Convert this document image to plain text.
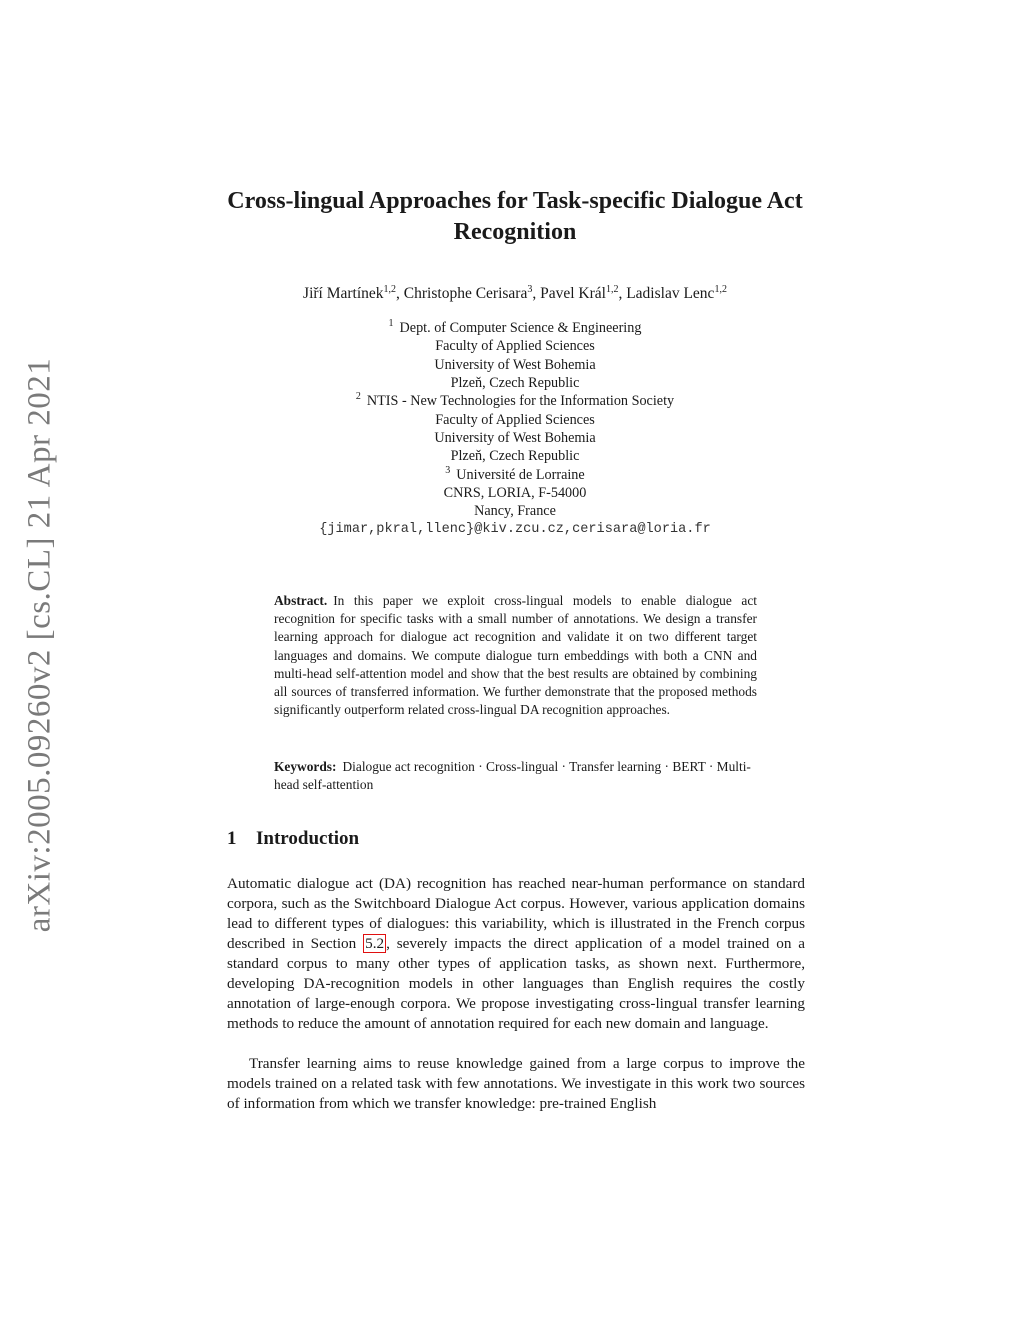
arXiv:2005.09260v2 [cs.CL] 21 Apr 2021
Cross-lingual Approaches for Task-specific Dialogue Act
Recognition

Jiří Martínek$^{1,2}$, Christophe Cerisara$^3$, Pavel Král$^{1,2}$, Ladislav Lenc$^{1,2}$

$^1$ Dept. of Computer Science & Engineering
Faculty of Applied Sciences
University of West Bohemia
Plzeň, Czech Republic
$^2$ NTIS - New Technologies for the Information Society
Faculty of Applied Sciences
University of West Bohemia
Plzeň, Czech Republic
$^3$ Université de Lorraine
CNRS, LORIA, F-54000
Nancy, France
{jimar,pkral,llenc}@kiv.zcu.cz,cerisara@loria.fr

Abstract. In this paper we exploit cross-lingual models to enable dialogue act recognition for specific tasks with a small number of annotations. We design a transfer learning approach for dialogue act recognition and validate it on two different target languages and domains. We compute dialogue turn embeddings with both a CNN and multi-head self-attention model and show that the best results are obtained by combining all sources of transferred information. We further demonstrate that the proposed methods significantly outperform related cross-lingual DA recognition approaches.

Keywords: Dialogue act recognition · Cross-lingual · Transfer learning · BERT · Multi-head self-attention

1 Introduction

Automatic dialogue act (DA) recognition has reached near-human performance on standard corpora, such as the Switchboard Dialogue Act corpus. However, various application domains lead to different types of dialogues: this variability, which is illustrated in the French corpus described in Section 5.2 , severely impacts the direct application of a model trained on a standard corpus to many other types of application tasks, as shown next. Furthermore, developing DA-recognition models in other languages than English requires the costly annotation of large-enough corpora. We propose investigating cross-lingual transfer learning methods to reduce the amount of annotation required for each new domain and language.

Transfer learning aims to reuse knowledge gained from a large corpus to improve the models trained on a related task with few annotations. We investigate in this work two sources of information from which we transfer knowledge: pre-trained English
